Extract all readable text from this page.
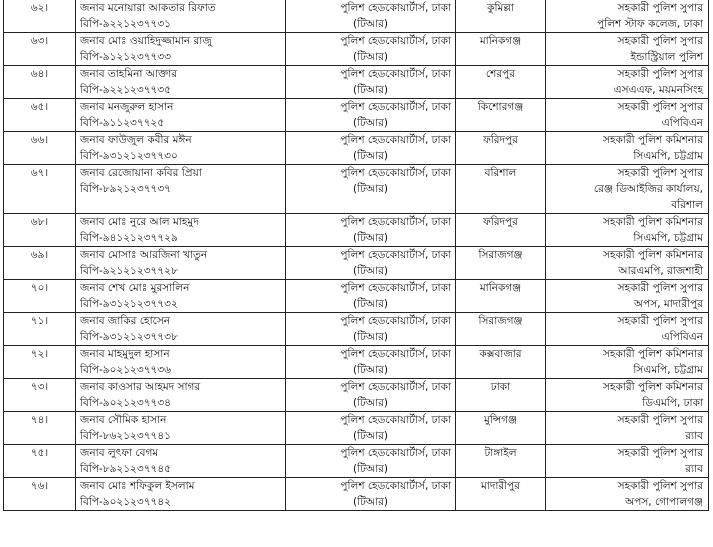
৬২।	জনাব মনোয়ারা আকতার রিফাত
বিপি-৯২২১২৩৭৭৩১	পুলিশ হেডকোয়ার্টার্স, ঢাকা
(টিআর)	কুমিল্লা	সহকারী পুলিশ সুপার
পুলিশ স্টাফ কলেজ, ঢাকা

৬৩।	জনাব মোঃ ওয়াহিদুজ্জামান রাজু
বিপি-৯১২১২৩৭৭৩৩	পুলিশ হেডকোয়ার্টার্স, ঢাকা
(টিআর)	মানিকগঞ্জ	সহকারী পুলিশ সুপার
ইন্ডাস্ট্রিয়াল পুলিশ

৬৪।	জনাব তাহমিনা আক্তার
বিপি-৯২২১২৩৭৭৩৫	পুলিশ হেডকোয়ার্টার্স, ঢাকা
(টিআর)	শেরপুর	সহকারী পুলিশ সুপার
এসএএফ, ময়মনসিংহ

৬৫।	জনাব মনজুরুল হাসান
বিপি-৯১১২৩৭৭২৫	পুলিশ হেডকোয়ার্টার্স, ঢাকা
(টিআর)	কিশোরগঞ্জ	সহকারী পুলিশ সুপার
এপিবিএন

৬৬।	জনাব ফাউজুল কবীর মঈন
বিপি-৯৩১২১২৩৭৭৩০	পুলিশ হেডকোয়ার্টার্স, ঢাকা
(টিআর)	ফরিদপুর	সহকারী পুলিশ কমিশনার
সিএমপি, চট্টগ্রাম

৬৭।	জনাব রেজোয়ানা কবির প্রিয়া
বিপি-৮৯২১২৩৭৭৩৭	পুলিশ হেডকোয়ার্টার্স, ঢাকা
(টিআর)	বরিশাল	সহকারী পুলিশ সুপার
রেঞ্জ ডিআইজির কার্যালয়,
বরিশাল

৬৮।	জনাব মোঃ নুরে আল মাহমুদ
বিপি-৯৪১২১২৩৭৭২৯	পুলিশ হেডকোয়ার্টার্স, ঢাকা
(টিআর)	ফরিদপুর	সহকারী পুলিশ কমিশনার
সিএমপি, চট্টগ্রাম

৬৯।	জনাব মোসাঃ আরজিনা খাতুন
বিপি-৯২১২১২৩৭৭২৮	পুলিশ হেডকোয়ার্টার্স, ঢাকা
(টিআর)	সিরাজগঞ্জ	সহকারী পুলিশ কমিশনার
আরএমপি, রাজশাহী

৭০।	জনাব শেখ মোঃ মুরসালিন
বিপি-৯৩১২১২৩৭৭৩২	পুলিশ হেডকোয়ার্টার্স, ঢাকা
(টিআর)	মানিকগঞ্জ	সহকারী পুলিশ সুপার
অপস, মাদারীপুর

৭১।	জনাব জাকির হোসেন
বিপি-৯৩১২১২৩৭৭৩৮	পুলিশ হেডকোয়ার্টার্স, ঢাকা
(টিআর)	সিরাজগঞ্জ	সহকারী পুলিশ সুপার
এপিবিএন

৭২।	জনাব মাহমুদুল হাসান
বিপি-৯০২১২৩৭৭৩৬	পুলিশ হেডকোয়ার্টার্স, ঢাকা
(টিআর)	কক্সবাজার	সহকারী পুলিশ কমিশনার
সিএমপি, চট্টগ্রাম

৭৩।	জনাব কাওসার আহমদ সাগর
বিপি-৯০২১২৩৭৭৩৪	পুলিশ হেডকোয়ার্টার্স, ঢাকা
(টিআর)	ঢাকা	সহকারী পুলিশ কমিশনার
ডিএমপি, ঢাকা

৭৪।	জনাব সৌমিক হাসান
বিপি-৮৬২১২৩৭৭৪১	পুলিশ হেডকোয়ার্টার্স, ঢাকা
(টিআর)	মুন্সিগঞ্জ	সহকারী পুলিশ সুপার
র‍্যাব

৭৫।	জনাব লুৎফা বেগম
বিপি-৮৯২১২৩৭৭৪৫	পুলিশ হেডকোয়ার্টার্স, ঢাকা
(টিআর)	টাঙ্গাইল	সহকারী পুলিশ সুপার
র‍্যাব

৭৬।	জনাব মোঃ শফিকুল ইসলাম
বিপি-৯০২১২৩৭৭৪২	পুলিশ হেডকোয়ার্টার্স, ঢাকা
(টিআর)	মাদারীপুর	সহকারী পুলিশ সুপার
অপস, গোপালগঞ্জ
